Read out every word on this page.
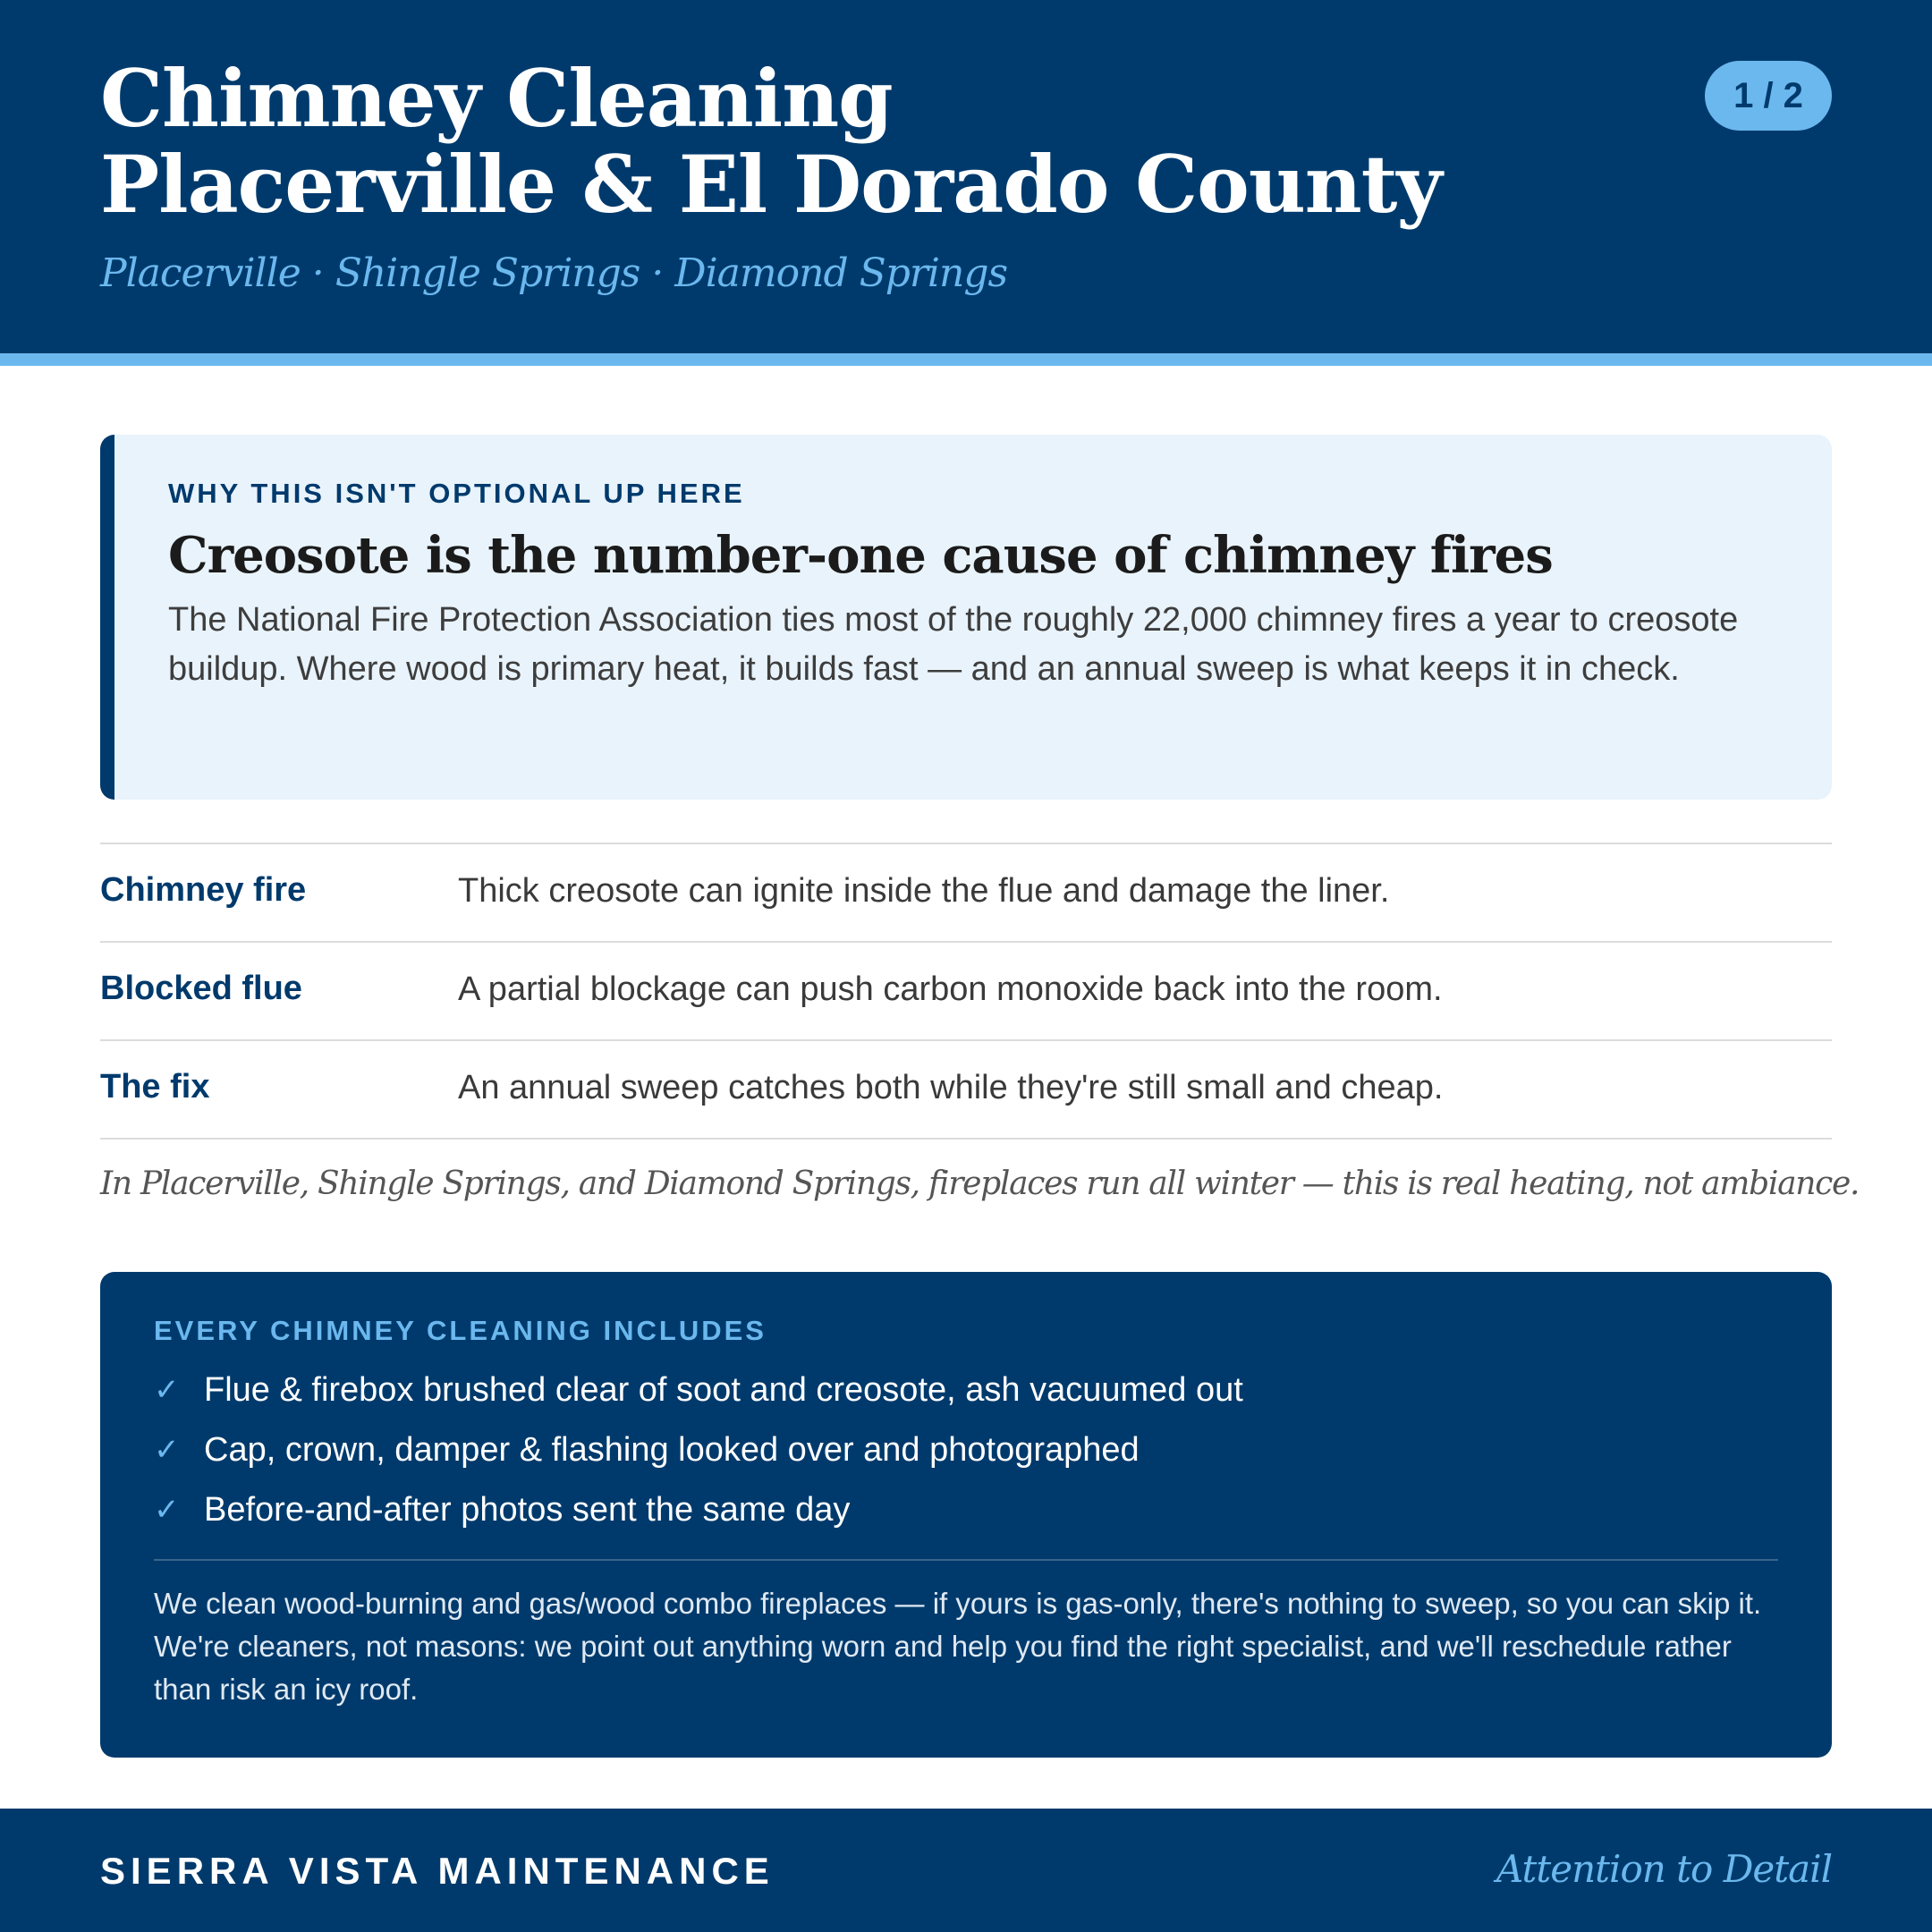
Chimney Cleaning
Placerville & El Dorado County
Placerville · Shingle Springs · Diamond Springs
1 / 2
WHY THIS ISN'T OPTIONAL UP HERE
Creosote is the number-one cause of chimney fires

The National Fire Protection Association ties most of the roughly 22,000 chimney fires a year to creosote buildup. Where wood is primary heat, it builds fast — and an annual sweep is what keeps it in check.

Chimney fire	Thick creosote can ignite inside the flue and damage the liner.
Blocked flue	A partial blockage can push carbon monoxide back into the room.
The fix	An annual sweep catches both while they're still small and cheap.

In Placerville, Shingle Springs, and Diamond Springs, fireplaces run all winter — this is real heating, not ambiance.

EVERY CHIMNEY CLEANING INCLUDES
✓ Flue & firebox brushed clear of soot and creosote, ash vacuumed out
✓ Cap, crown, damper & flashing looked over and photographed
✓ Before-and-after photos sent the same day

We clean wood-burning and gas/wood combo fireplaces — if yours is gas-only, there's nothing to sweep, so you can skip it. We're cleaners, not masons: we point out anything worn and help you find the right specialist, and we'll reschedule rather than risk an icy roof.

SIERRA VISTA MAINTENANCE	Attention to Detail
